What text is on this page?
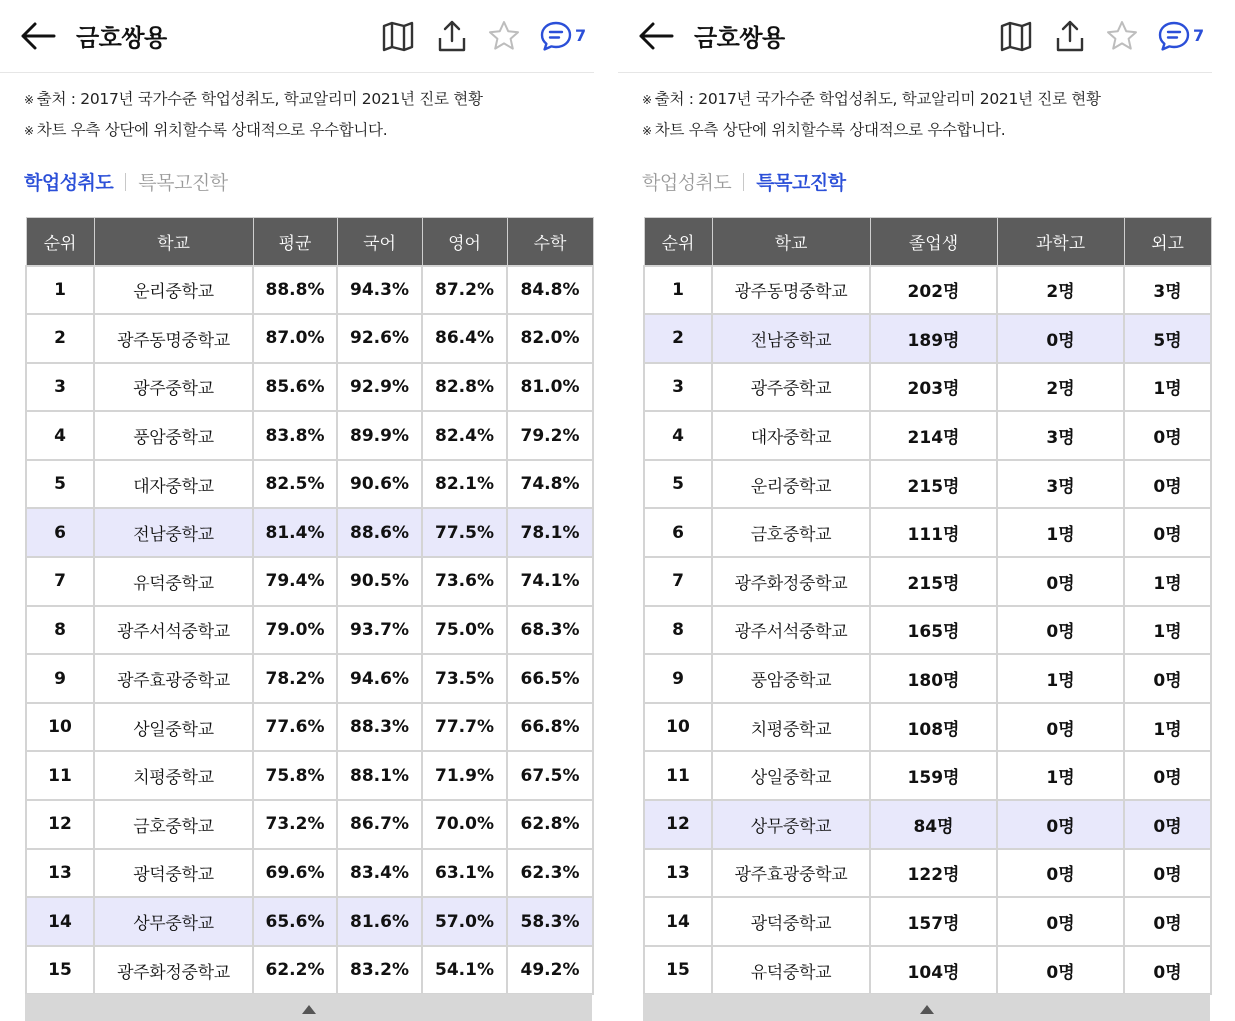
금호쌍용	7
※ 출처 : 2017년 국가수준 학업성취도, 학교알리미 2021년 진로 현황
※ 차트 우측 상단에 위치할수록 상대적으로 우수합니다.
학업성취도 특목고진학
순위	학교	평균	국어	영어	수학
1	운리중학교	88.8%	94.3%	87.2%	84.8%
2	광주동명중학교	87.0%	92.6%	86.4%	82.0%
3	광주중학교	85.6%	92.9%	82.8%	81.0%
4	풍암중학교	83.8%	89.9%	82.4%	79.2%
5	대자중학교	82.5%	90.6%	82.1%	74.8%
6	전남중학교	81.4%	88.6%	77.5%	78.1%
7	유덕중학교	79.4%	90.5%	73.6%	74.1%
8	광주서석중학교	79.0%	93.7%	75.0%	68.3%
9	광주효광중학교	78.2%	94.6%	73.5%	66.5%
10	상일중학교	77.6%	88.3%	77.7%	66.8%
11	치평중학교	75.8%	88.1%	71.9%	67.5%
12	금호중학교	73.2%	86.7%	70.0%	62.8%
13	광덕중학교	69.6%	83.4%	63.1%	62.3%
14	상무중학교	65.6%	81.6%	57.0%	58.3%
15	광주화정중학교	62.2%	83.2%	54.1%	49.2%
금호쌍용	7
※ 출처 : 2017년 국가수준 학업성취도, 학교알리미 2021년 진로 현황
※ 차트 우측 상단에 위치할수록 상대적으로 우수합니다.
학업성취도 특목고진학
순위	학교	졸업생	과학고	외고
1	광주동명중학교	202명	2명	3명
2	전남중학교	189명	0명	5명
3	광주중학교	203명	2명	1명
4	대자중학교	214명	3명	0명
5	운리중학교	215명	3명	0명
6	금호중학교	111명	1명	0명
7	광주화정중학교	215명	0명	1명
8	광주서석중학교	165명	0명	1명
9	풍암중학교	180명	1명	0명
10	치평중학교	108명	0명	1명
11	상일중학교	159명	1명	0명
12	상무중학교	84명	0명	0명
13	광주효광중학교	122명	0명	0명
14	광덕중학교	157명	0명	0명
15	유덕중학교	104명	0명	0명
